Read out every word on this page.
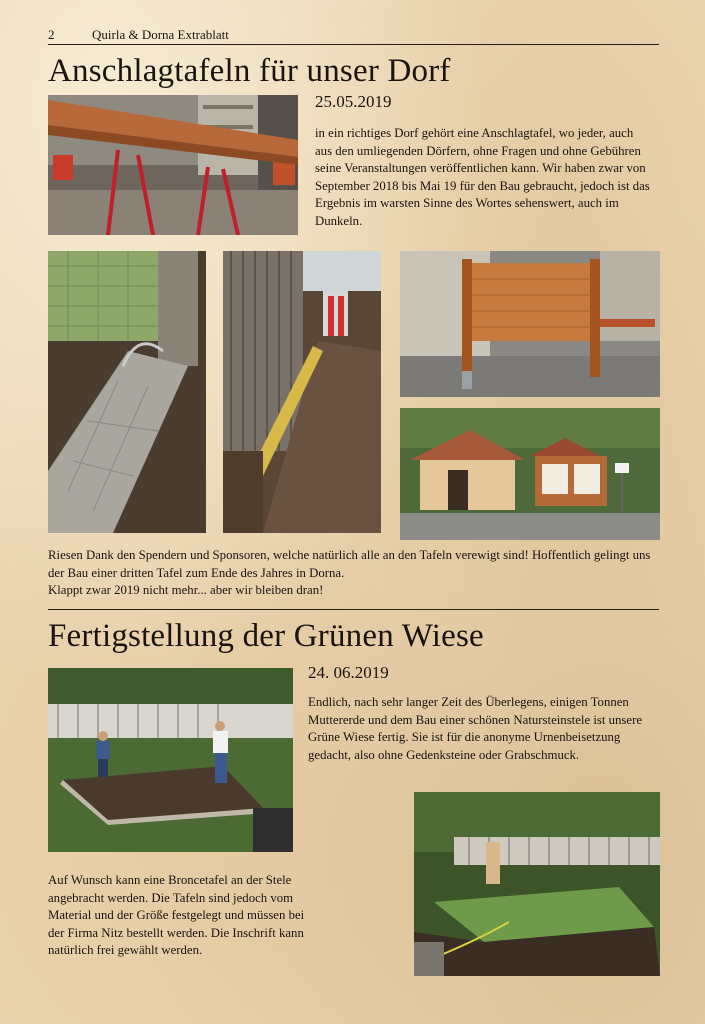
2	Quirla & Dorna Extrablatt
Anschlagtafeln für unser Dorf
25.05.2019
in ein richtiges Dorf gehört eine Anschlagtafel, wo jeder, auch aus den umliegenden Dörfern, ohne Fragen und ohne Gebühren seine Veranstaltungen veröffentlichen kann. Wir haben zwar von September 2018 bis Mai 19 für den Bau gebraucht, jedoch ist das Ergebnis im warsten Sinne des Wortes sehenswert, auch im Dunkeln.
Riesen Dank den Spendern und Sponsoren, welche natürlich alle an den Tafeln verewigt sind! Hoffentlich gelingt uns der Bau einer dritten Tafel zum Ende des Jahres in Dorna.
Klappt zwar 2019 nicht mehr... aber wir bleiben dran!
Fertigstellung der Grünen Wiese
24. 06.2019
Endlich, nach sehr langer Zeit des Überlegens, einigen Tonnen Muttererde und dem Bau einer schönen Natursteinstele ist unsere Grüne Wiese fertig. Sie ist für die anonyme Urnenbeisetzung gedacht, also ohne Gedenksteine oder Grabschmuck.
Auf Wunsch kann eine Broncetafel an der Stele angebracht werden. Die Tafeln sind jedoch vom Material und der Größe festgelegt und müssen bei der Firma Nitz bestellt werden. Die Inschrift kann natürlich frei gewählt werden.
